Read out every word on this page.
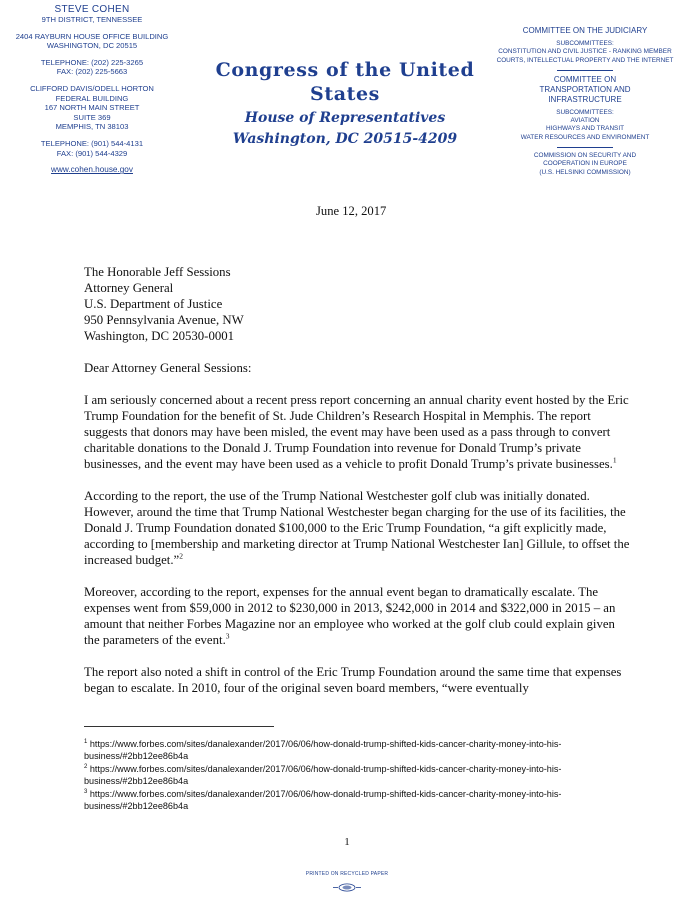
STEVE COHEN
9TH DISTRICT, TENNESSEE
2404 RAYBURN HOUSE OFFICE BUILDING
WASHINGTON, DC 20515
TELEPHONE: (202) 225-3265
FAX: (202) 225-5663
CLIFFORD DAVIS/ODELL HORTON
FEDERAL BUILDING
167 NORTH MAIN STREET
SUITE 369
MEMPHIS, TN 38103
TELEPHONE: (901) 544-4131
FAX: (901) 544-4329
www.cohen.house.gov
Congress of the United States
House of Representatives
Washington, DC 20515-4209
COMMITTEE ON THE JUDICIARY
SUBCOMMITTEES:
CONSTITUTION AND CIVIL JUSTICE - RANKING MEMBER
COURTS, INTELLECTUAL PROPERTY AND THE INTERNET
COMMITTEE ON
TRANSPORTATION AND
INFRASTRUCTURE
SUBCOMMITTEES:
AVIATION
HIGHWAYS AND TRANSIT
WATER RESOURCES AND ENVIRONMENT
COMMISSION ON SECURITY AND
COOPERATION IN EUROPE
(U.S. HELSINKI COMMISSION)
June 12, 2017

The Honorable Jeff Sessions
Attorney General
U.S. Department of Justice
950 Pennsylvania Avenue, NW
Washington, DC 20530-0001

Dear Attorney General Sessions:

I am seriously concerned about a recent press report concerning an annual charity event hosted by the Eric Trump Foundation for the benefit of St. Jude Children’s Research Hospital in Memphis. The report suggests that donors may have been misled, the event may have been used as a pass through to convert charitable donations to the Donald J. Trump Foundation into revenue for Donald Trump’s private businesses, and the event may have been used as a vehicle to profit Donald Trump’s private businesses.$^1$

According to the report, the use of the Trump National Westchester golf club was initially donated. However, around the time that Trump National Westchester began charging for the use of its facilities, the Donald J. Trump Foundation donated $100,000 to the Eric Trump Foundation, “a gift explicitly made, according to [membership and marketing director at Trump National Westchester Ian] Gillule, to offset the increased budget.”$^2$

Moreover, according to the report, expenses for the annual event began to dramatically escalate. The expenses went from $59,000 in 2012 to $230,000 in 2013, $242,000 in 2014 and $322,000 in 2015 – an amount that neither Forbes Magazine nor an employee who worked at the golf club could explain given the parameters of the event.$^3$

The report also noted a shift in control of the Eric Trump Foundation around the same time that expenses began to escalate. In 2010, four of the original seven board members, “were eventually

$^1$ https://www.forbes.com/sites/danalexander/2017/06/06/how-donald-trump-shifted-kids-cancer-charity-money-into-his-business/#2bb12ee86b4a
$^2$ https://www.forbes.com/sites/danalexander/2017/06/06/how-donald-trump-shifted-kids-cancer-charity-money-into-his-business/#2bb12ee86b4a
$^3$ https://www.forbes.com/sites/danalexander/2017/06/06/how-donald-trump-shifted-kids-cancer-charity-money-into-his-business/#2bb12ee86b4a
1
PRINTED ON RECYCLED PAPER
